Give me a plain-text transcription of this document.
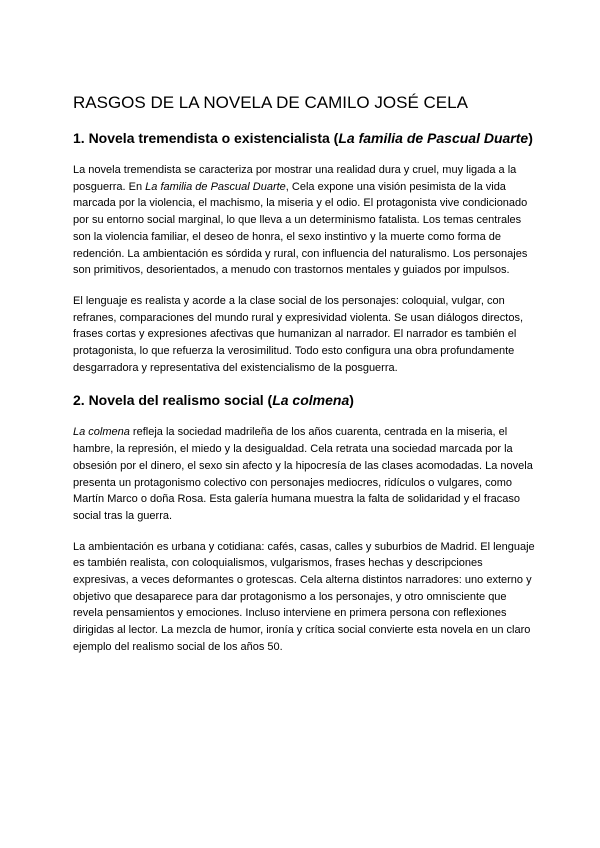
RASGOS DE LA NOVELA DE CAMILO JOSÉ CELA
1. Novela tremendista o existencialista (La familia de Pascual Duarte)

La novela tremendista se caracteriza por mostrar una realidad dura y cruel, muy ligada a la posguerra. En La familia de Pascual Duarte, Cela expone una visión pesimista de la vida marcada por la violencia, el machismo, la miseria y el odio. El protagonista vive condicionado por su entorno social marginal, lo que lleva a un determinismo fatalista. Los temas centrales son la violencia familiar, el deseo de honra, el sexo instintivo y la muerte como forma de redención. La ambientación es sórdida y rural, con influencia del naturalismo. Los personajes son primitivos, desorientados, a menudo con trastornos mentales y guiados por impulsos.

El lenguaje es realista y acorde a la clase social de los personajes: coloquial, vulgar, con refranes, comparaciones del mundo rural y expresividad violenta. Se usan diálogos directos, frases cortas y expresiones afectivas que humanizan al narrador. El narrador es también el protagonista, lo que refuerza la verosimilitud. Todo esto configura una obra profundamente desgarradora y representativa del existencialismo de la posguerra.

2. Novela del realismo social (La colmena)

La colmena refleja la sociedad madrileña de los años cuarenta, centrada en la miseria, el hambre, la represión, el miedo y la desigualdad. Cela retrata una sociedad marcada por la obsesión por el dinero, el sexo sin afecto y la hipocresía de las clases acomodadas. La novela presenta un protagonismo colectivo con personajes mediocres, ridículos o vulgares, como Martín Marco o doña Rosa. Esta galería humana muestra la falta de solidaridad y el fracaso social tras la guerra.

La ambientación es urbana y cotidiana: cafés, casas, calles y suburbios de Madrid. El lenguaje es también realista, con coloquialismos, vulgarismos, frases hechas y descripciones expresivas, a veces deformantes o grotescas. Cela alterna distintos narradores: uno externo y objetivo que desaparece para dar protagonismo a los personajes, y otro omnisciente que revela pensamientos y emociones. Incluso interviene en primera persona con reflexiones dirigidas al lector. La mezcla de humor, ironía y crítica social convierte esta novela en un claro ejemplo del realismo social de los años 50.
